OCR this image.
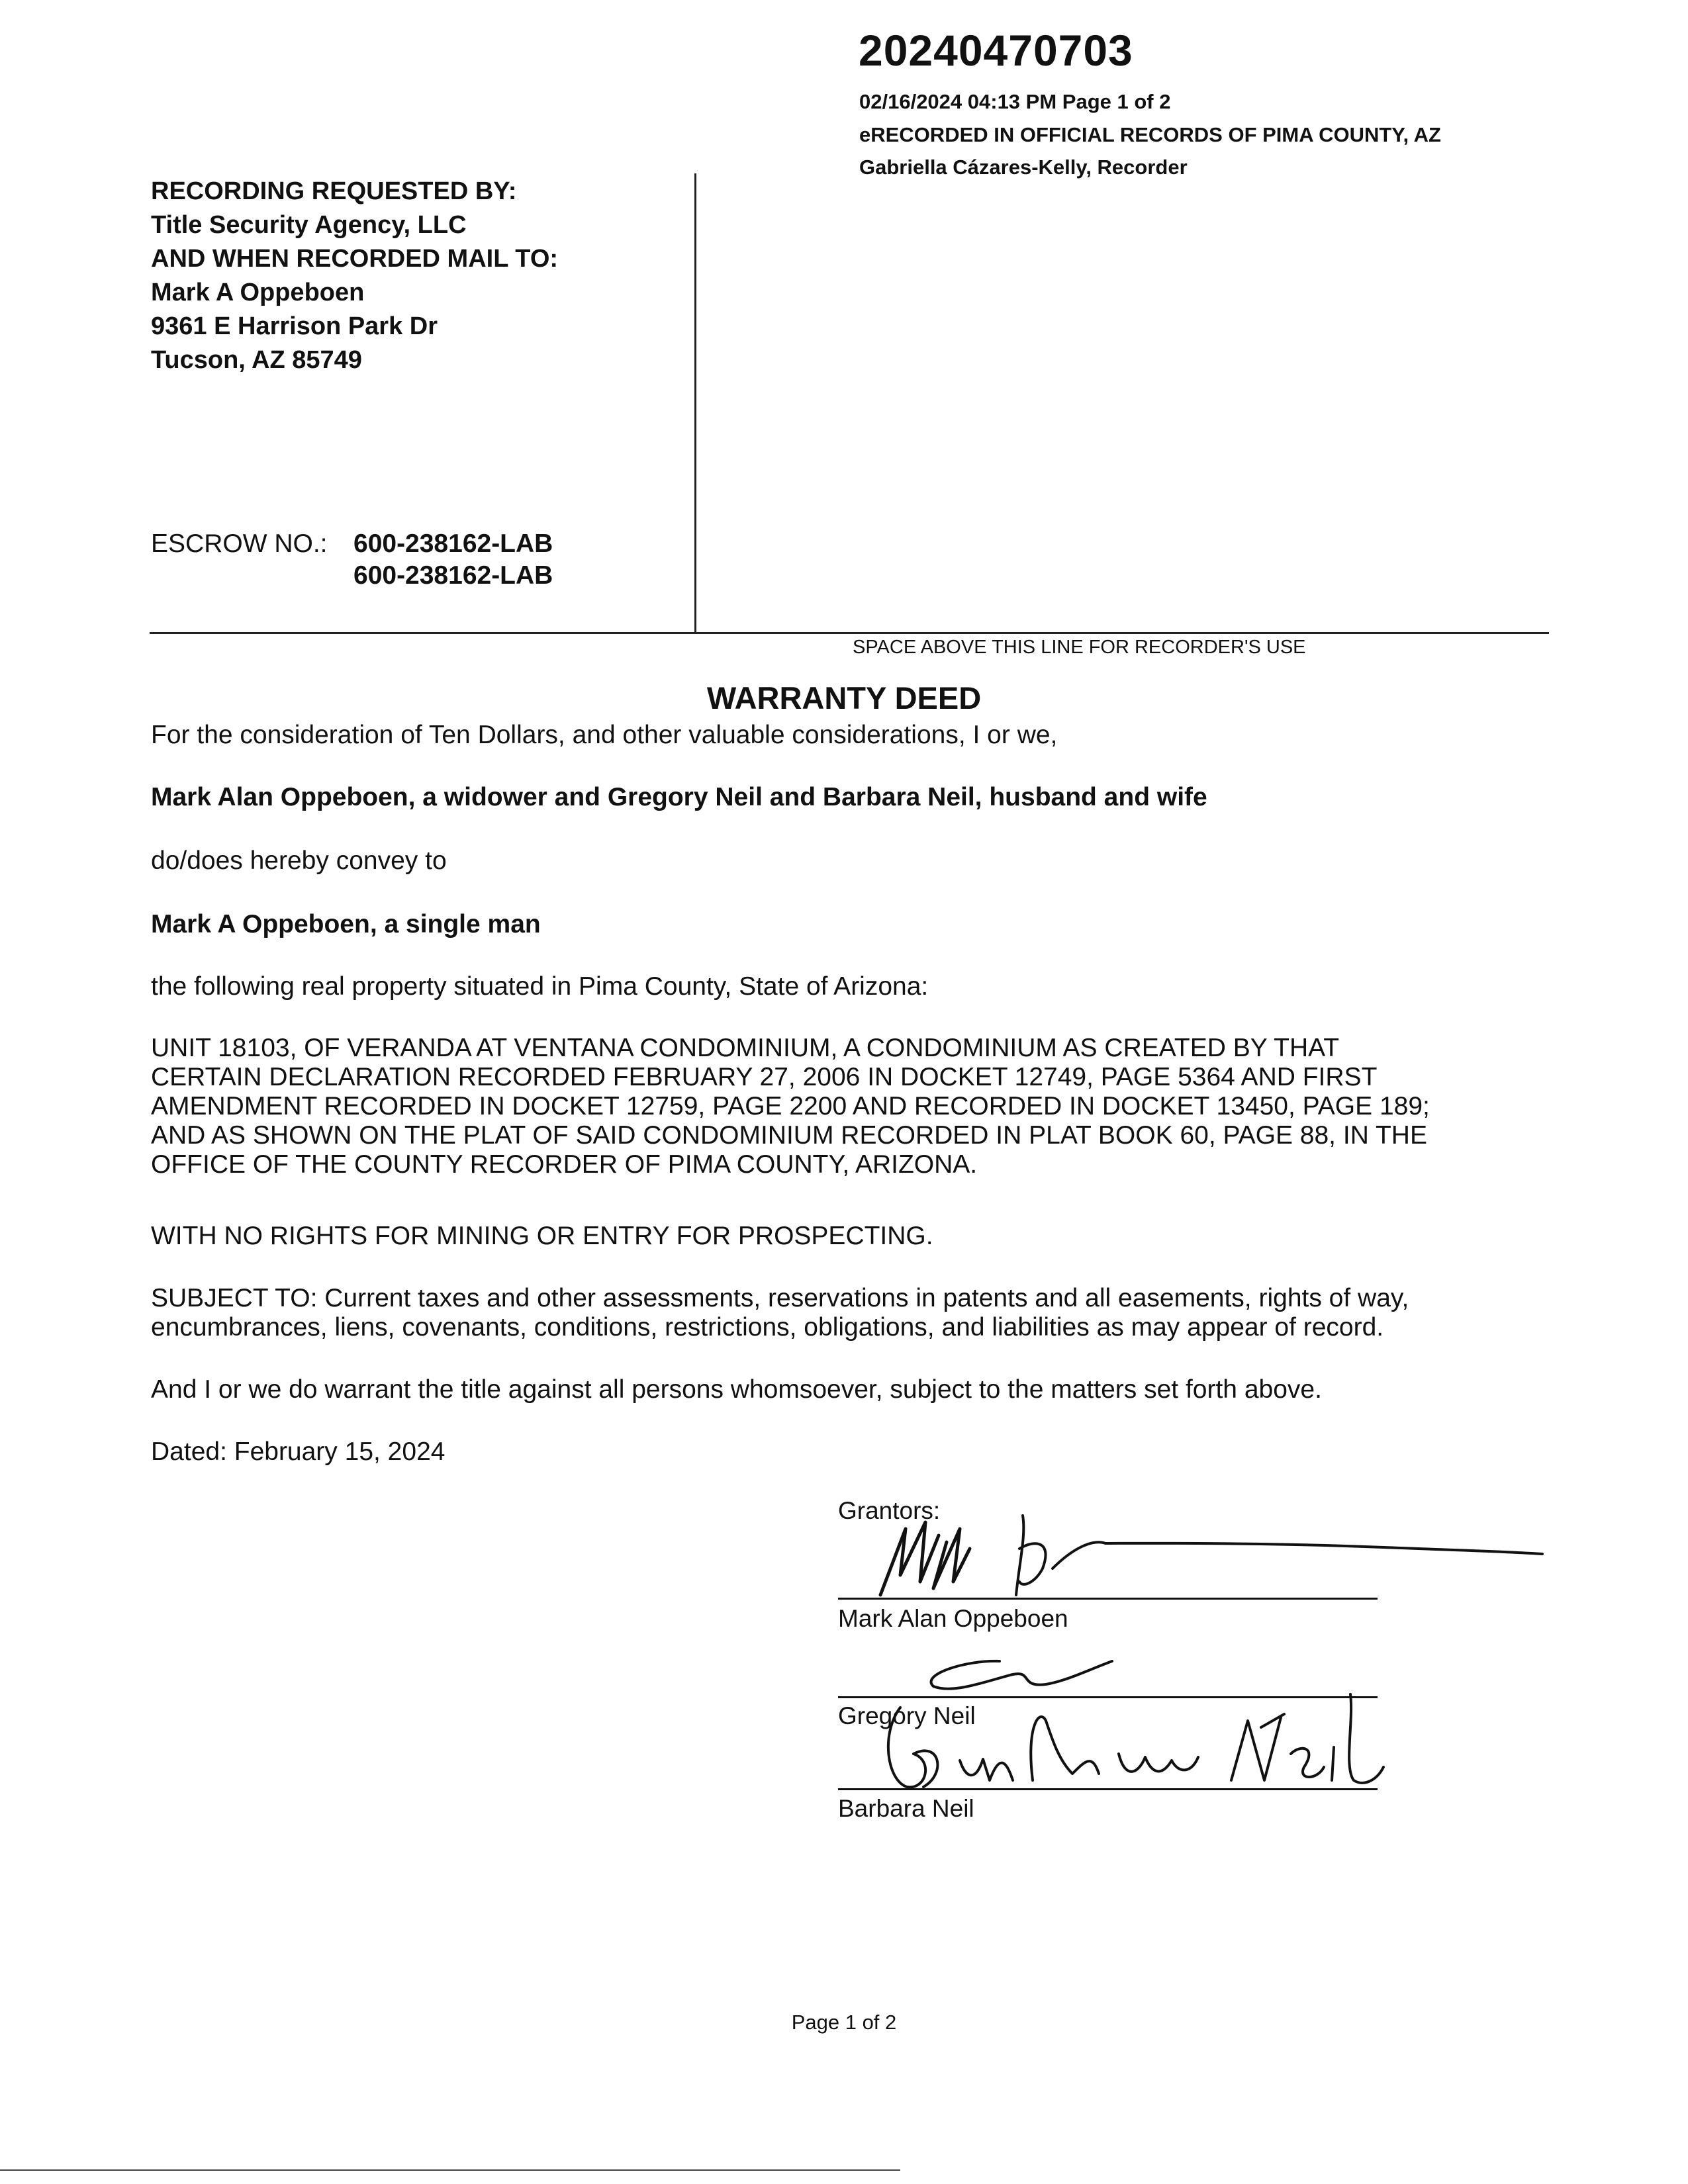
20240470703
02/16/2024 04:13 PM Page 1 of 2
eRECORDED IN OFFICIAL RECORDS OF PIMA COUNTY, AZ
Gabriella Cázares-Kelly, Recorder
RECORDING REQUESTED BY:
Title Security Agency, LLC
AND WHEN RECORDED MAIL TO:
Mark A Oppeboen
9361 E Harrison Park Dr
Tucson, AZ 85749
ESCROW NO.: 600-238162-LAB
600-238162-LAB
SPACE ABOVE THIS LINE FOR RECORDER'S USE
WARRANTY DEED
For the consideration of Ten Dollars, and other valuable considerations, I or we,
Mark Alan Oppeboen, a widower and Gregory Neil and Barbara Neil, husband and wife
do/does hereby convey to
Mark A Oppeboen, a single man
the following real property situated in Pima County, State of Arizona:
UNIT 18103, OF VERANDA AT VENTANA CONDOMINIUM, A CONDOMINIUM AS CREATED BY THAT
CERTAIN DECLARATION RECORDED FEBRUARY 27, 2006 IN DOCKET 12749, PAGE 5364 AND FIRST
AMENDMENT RECORDED IN DOCKET 12759, PAGE 2200 AND RECORDED IN DOCKET 13450, PAGE 189;
AND AS SHOWN ON THE PLAT OF SAID CONDOMINIUM RECORDED IN PLAT BOOK 60, PAGE 88, IN THE
OFFICE OF THE COUNTY RECORDER OF PIMA COUNTY, ARIZONA.
WITH NO RIGHTS FOR MINING OR ENTRY FOR PROSPECTING.
SUBJECT TO: Current taxes and other assessments, reservations in patents and all easements, rights of way,
encumbrances, liens, covenants, conditions, restrictions, obligations, and liabilities as may appear of record.
And I or we do warrant the title against all persons whomsoever, subject to the matters set forth above.
Dated: February 15, 2024
Grantors:
Mark Alan Oppeboen
Gregory Neil
Barbara Neil
Page 1 of 2
